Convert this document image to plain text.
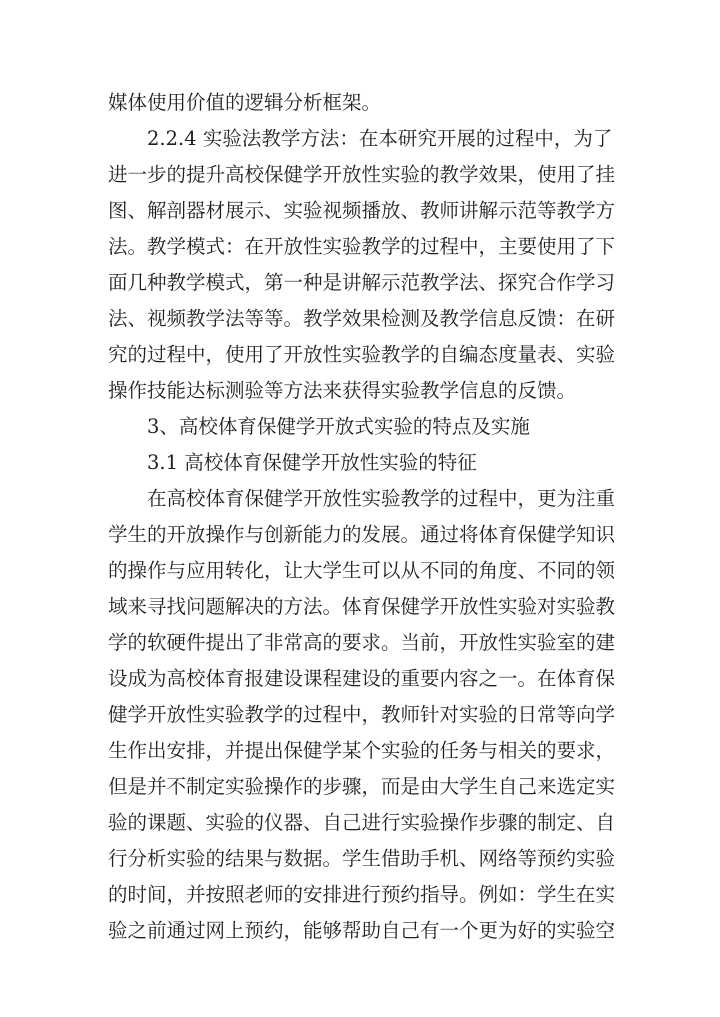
媒体使用价值的逻辑分析框架。
2.2.4 实验法教学方法：在本研究开展的过程中，为了
进一步的提升高校保健学开放性实验的教学效果，使用了挂
图、解剖器材展示、实验视频播放、教师讲解示范等教学方
法。教学模式：在开放性实验教学的过程中，主要使用了下
面几种教学模式，第一种是讲解示范教学法、探究合作学习
法、视频教学法等等。教学效果检测及教学信息反馈：在研
究的过程中，使用了开放性实验教学的自编态度量表、实验
操作技能达标测验等方法来获得实验教学信息的反馈。
3、高校体育保健学开放式实验的特点及实施
3.1 高校体育保健学开放性实验的特征
在高校体育保健学开放性实验教学的过程中，更为注重
学生的开放操作与创新能力的发展。通过将体育保健学知识
的操作与应用转化，让大学生可以从不同的角度、不同的领
域来寻找问题解决的方法。体育保健学开放性实验对实验教
学的软硬件提出了非常高的要求。当前，开放性实验室的建
设成为高校体育报建设课程建设的重要内容之一。在体育保
健学开放性实验教学的过程中，教师针对实验的日常等向学
生作出安排，并提出保健学某个实验的任务与相关的要求，
但是并不制定实验操作的步骤，而是由大学生自己来选定实
验的课题、实验的仪器、自己进行实验操作步骤的制定、自
行分析实验的结果与数据。学生借助手机、网络等预约实验
的时间，并按照老师的安排进行预约指导。例如：学生在实
验之前通过网上预约，能够帮助自己有一个更为好的实验空
